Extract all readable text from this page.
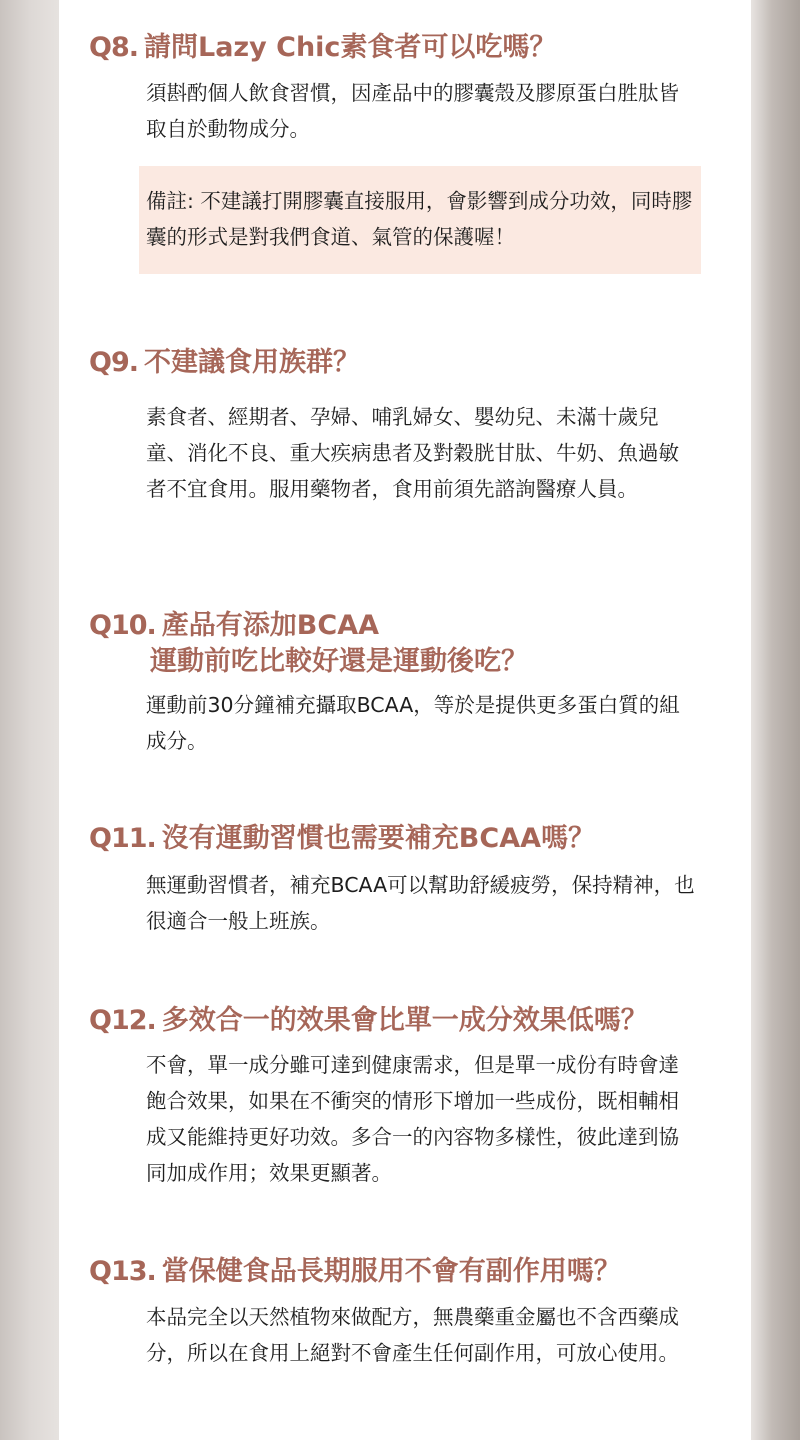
Q8. 請問Lazy Chic素食者可以吃嗎？

須斟酌個人飲食習慣，因產品中的膠囊殼及膠原蛋白胜肽皆取自於動物成分。

備註: 不建議打開膠囊直接服用，會影響到成分功效，同時膠囊的形式是對我們食道、氣管的保護喔！

Q9. 不建議食用族群？

素食者、經期者、孕婦、哺乳婦女、嬰幼兒、未滿十歲兒童、消化不良、重大疾病患者及對穀胱甘肽、牛奶、魚過敏者不宜食用。服用藥物者，食用前須先諮詢醫療人員。

Q10. 產品有添加BCAA
運動前吃比較好還是運動後吃？

運動前30分鐘補充攝取BCAA，等於是提供更多蛋白質的組成分。

Q11. 沒有運動習慣也需要補充BCAA嗎？

無運動習慣者，補充BCAA可以幫助舒緩疲勞，保持精神，也很適合一般上班族。

Q12. 多效合一的效果會比單一成分效果低嗎？

不會，單一成分雖可達到健康需求，但是單一成份有時會達飽合效果，如果在不衝突的情形下增加一些成份，既相輔相成又能維持更好功效。多合一的內容物多樣性，彼此達到協同加成作用；效果更顯著。

Q13. 當保健食品長期服用不會有副作用嗎？

本品完全以天然植物來做配方，無農藥重金屬也不含西藥成分，所以在食用上絕對不會產生任何副作用，可放心使用。
